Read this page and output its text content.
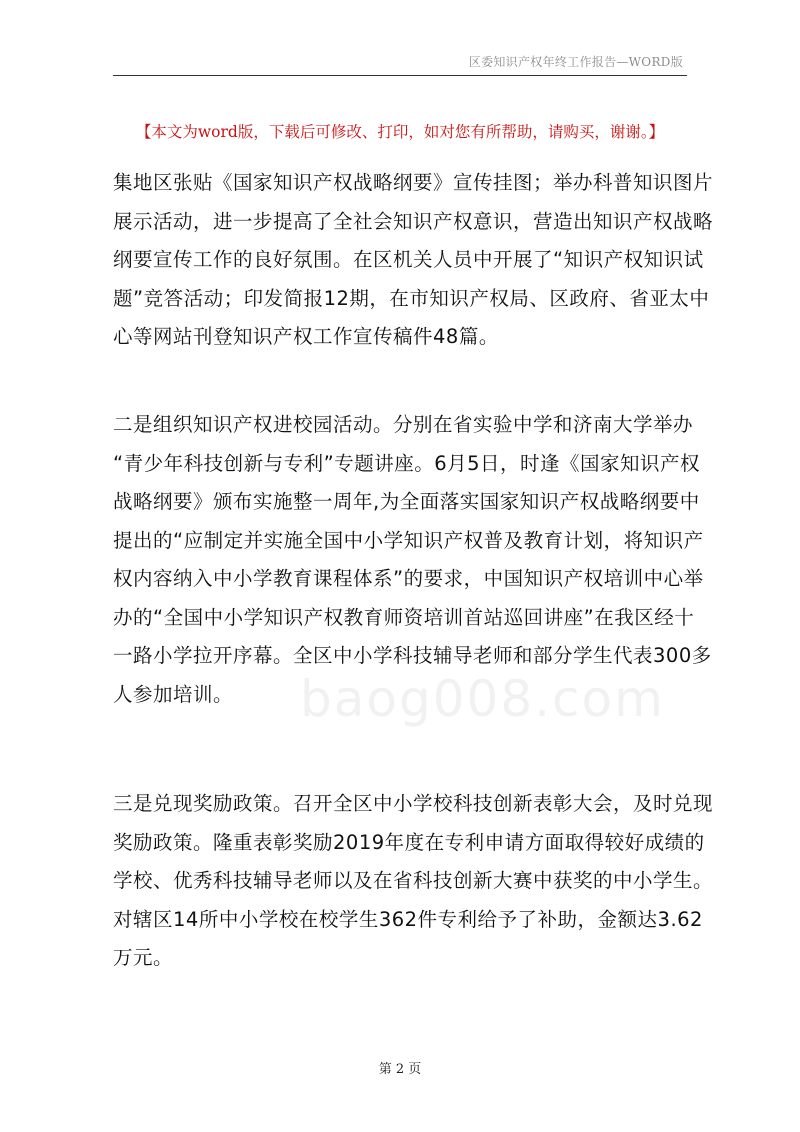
区委知识产权年终工作报告—WORD版
【本文为word版，下载后可修改、打印，如对您有所帮助，请购买，谢谢。】
baog008.com

集地区张贴《国家知识产权战略纲要》宣传挂图；举办科普知识图片
展示活动，进一步提高了全社会知识产权意识，营造出知识产权战略
纲要宣传工作的良好氛围。在区机关人员中开展了“知识产权知识试
题”竞答活动；印发简报12期，在市知识产权局、区政府、省亚太中
心等网站刊登知识产权工作宣传稿件48篇。

二是组织知识产权进校园活动。分别在省实验中学和济南大学举办
“青少年科技创新与专利”专题讲座。6月5日，时逢《国家知识产权
战略纲要》颁布实施整一周年,为全面落实国家知识产权战略纲要中
提出的“应制定并实施全国中小学知识产权普及教育计划，将知识产
权内容纳入中小学教育课程体系”的要求，中国知识产权培训中心举
办的“全国中小学知识产权教育师资培训首站巡回讲座”在我区经十
一路小学拉开序幕。全区中小学科技辅导老师和部分学生代表300多
人参加培训。

三是兑现奖励政策。召开全区中小学校科技创新表彰大会，及时兑现
奖励政策。隆重表彰奖励2019年度在专利申请方面取得较好成绩的
学校、优秀科技辅导老师以及在省科技创新大赛中获奖的中小学生。
对辖区14所中小学校在校学生362件专利给予了补助，金额达3.62
万元。

第 2 页
